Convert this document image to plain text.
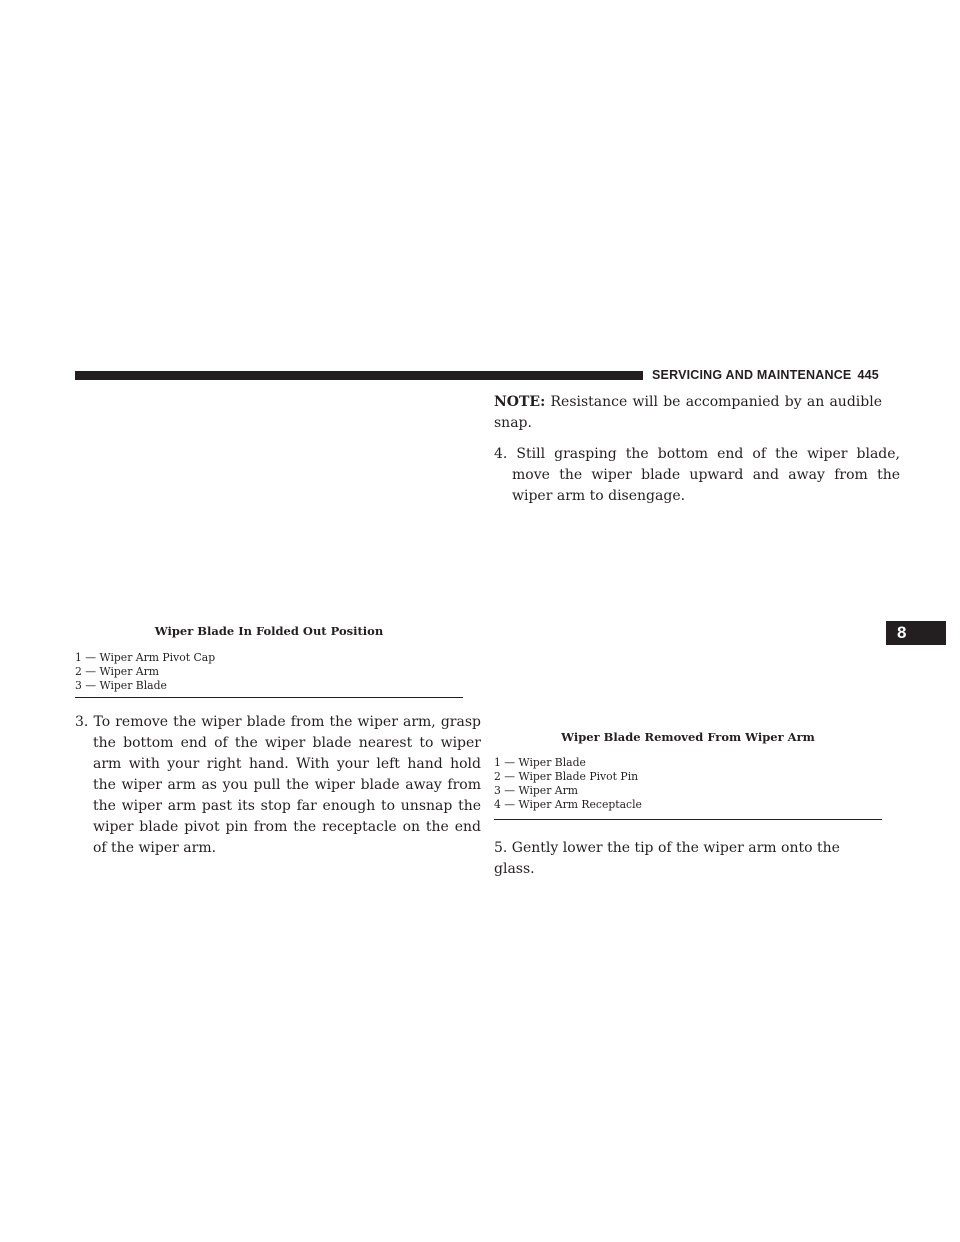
SERVICING AND MAINTENANCE 445
8

Wiper Blade In Folded Out Position

1 — Wiper Arm Pivot Cap
2 — Wiper Arm
3 — Wiper Blade

3. To remove the wiper blade from the wiper arm, grasp the bottom end of the wiper blade nearest to wiper arm with your right hand. With your left hand hold the wiper arm as you pull the wiper blade away from the wiper arm past its stop far enough to unsnap the wiper blade pivot pin from the receptacle on the end of the wiper arm.

NOTE: Resistance will be accompanied by an audible snap.

4. Still grasping the bottom end of the wiper blade, move the wiper blade upward and away from the wiper arm to disengage.

Wiper Blade Removed From Wiper Arm

1 — Wiper Blade
2 — Wiper Blade Pivot Pin
3 — Wiper Arm
4 — Wiper Arm Receptacle

5. Gently lower the tip of the wiper arm onto the glass.
